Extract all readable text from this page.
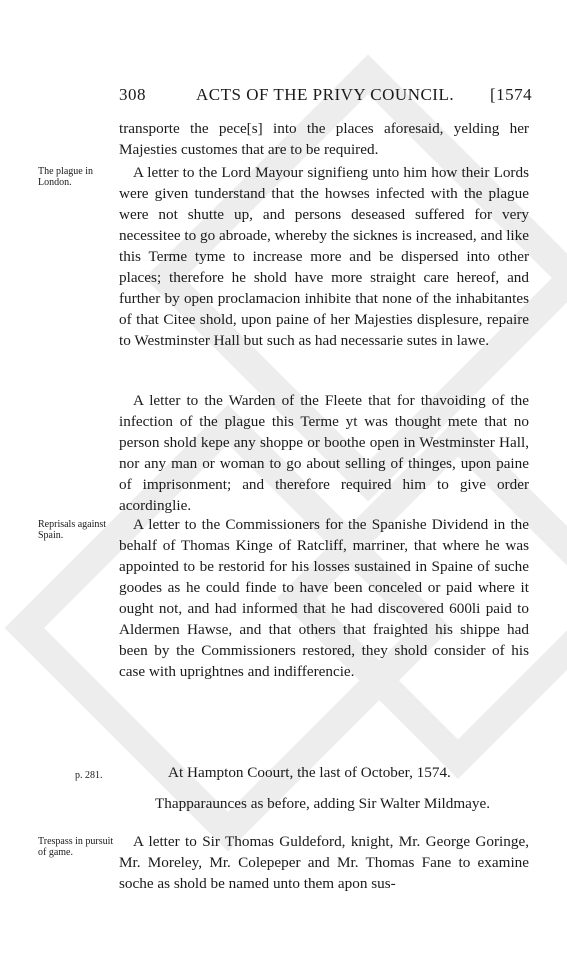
308	ACTS OF THE PRIVY COUNCIL. [1574

transporte the pece[s] into the places aforesaid, yelding her Majesties customes that are to be required.

The plague in London.

A letter to the Lord Mayour signifieng unto him how their Lords were given tunderstand that the howses infected with the plague were not shutte up, and persons deseased suffered for very necessitee to go abroade, whereby the sicknes is increased, and like this Terme tyme to increase more and be dispersed into other places; therefore he shold have more straight care hereof, and further by open proclamacion inhibite that none of the inhabitantes of that Citee shold, upon paine of her Majesties displesure, repaire to Westminster Hall but such as had necessarie sutes in lawe.

A letter to the Warden of the Fleete that for thavoiding of the infection of the plague this Terme yt was thought mete that no person shold kepe any shoppe or boothe open in Westminster Hall, nor any man or woman to go about selling of thinges, upon paine of imprisonment; and therefore required him to give order acordinglie.

Reprisals against Spain.

A letter to the Commissioners for the Spanishe Dividend in the behalf of Thomas Kinge of Ratcliff, marriner, that where he was appointed to be restorid for his losses sustained in Spaine of suche goodes as he could finde to have been conceled or paid where it ought not, and had informed that he had discovered 600li paid to Aldermen Hawse, and that others that fraighted his shippe had been by the Commissioners restored, they shold consider of his case with uprightnes and indifferencie.

p. 281.	At Hampton Coourt, the last of October, 1574.
Thapparaunces as before, adding Sir Walter Mildmaye.
Trespass in pursuit of game.

A letter to Sir Thomas Guldeford, knight, Mr. George Goringe, Mr. Moreley, Mr. Colepeper and Mr. Thomas Fane to examine soche as shold be named unto them apon sus-
